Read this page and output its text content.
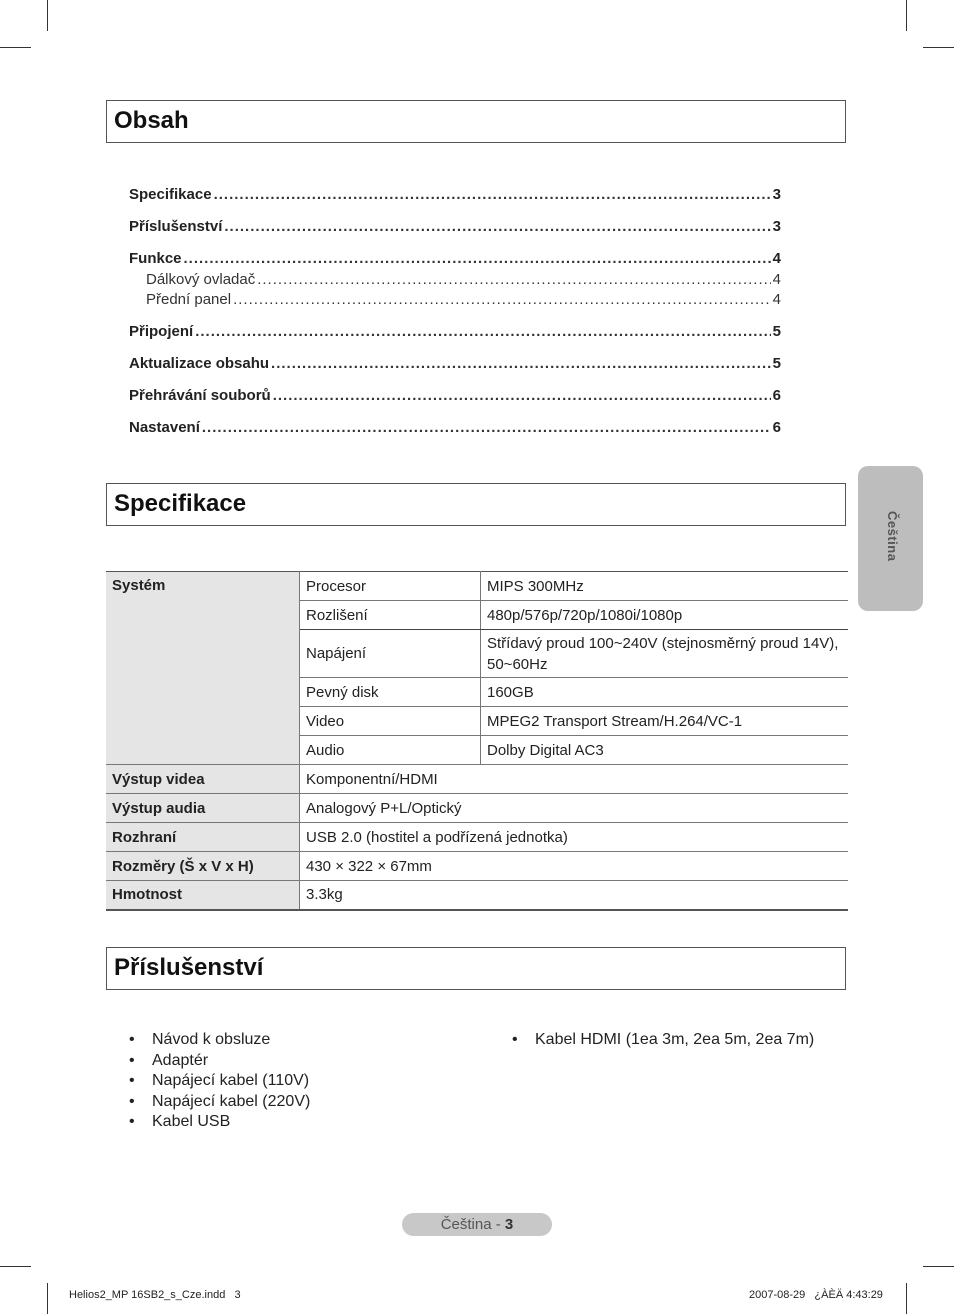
Obsah
Specifikace .....	3
Příslušenství .....	3
Funkce .....	4
Dálkový ovladač .....	4
Přední panel .....	4
Připojení .....	5
Aktualizace obsahu .....	5
Přehrávání souborů .....	6
Nastavení .....	6
Specifikace
Systém	Procesor	MIPS 300MHz
	Rozlišení	480p/576p/720p/1080i/1080p
	Napájení	Střídavý proud 100~240V (stejnosměrný proud 14V), 50~60Hz
	Pevný disk	160GB
	Video	MPEG2 Transport Stream/H.264/VC-1
	Audio	Dolby Digital AC3
Výstup videa	Komponentní/HDMI	
Výstup audia	Analogový P+L/Optický	
Rozhraní	USB 2.0 (hostitel a podřízená jednotka)	
Rozměry (Š x V x H)	430 × 322 × 67mm	
Hmotnost	3.3kg	
Příslušenství
• Návod k obsluze
• Adaptér
• Napájecí kabel (110V)
• Napájecí kabel (220V)
• Kabel USB
• Kabel HDMI (1ea 3m, 2ea 5m, 2ea 7m)
Čeština
Čeština - 3
Helios2_MP 16SB2_s_Cze.indd   3	2007-08-29   ¿ÀÈÄ 4:43:29
